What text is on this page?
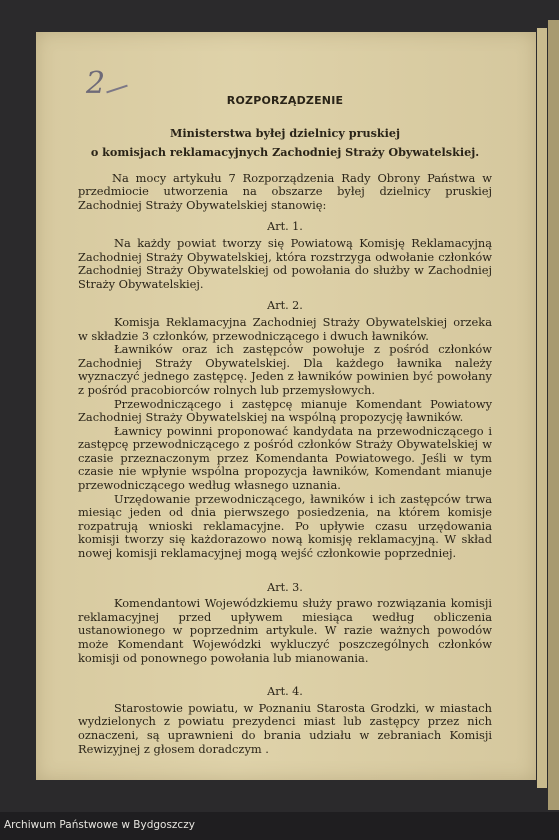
2	ROZPORZĄDZENIE
Ministerstwa byłej dzielnicy pruskiej
o komisjach reklamacyjnych Zachodniej Straży Obywatelskiej.

Na mocy artykułu 7 Rozporządzenia Rady Obrony Państwa w przedmiocie utworzenia na obszarze byłej dzielnicy pruskiej Zachodniej Straży Obywatelskiej stanowię:

Art. 1.

Na każdy powiat tworzy się Powiatową Komisję Reklamacyjną Zachodniej Straży Obywatelskiej, która rozstrzyga odwołanie członków Zachodniej Straży Obywatelskiej od powołania do służby w Zachodniej Straży Obywatelskiej.

Art. 2.

Komisja Reklamacyjna Zachodniej Straży Obywatelskiej orzeka w składzie 3 członków, przewodniczącego i dwuch ławników.

Ławników oraz ich zastępców powołuje z pośród członków Zachodniej Straży Obywatelskiej. Dla każdego ławnika należy wyznaczyć jednego zastępcę. Jeden z ławników powinien być powołany z pośród pracobiorców rolnych lub przemysłowych.

Przewodniczącego i zastępcę mianuje Komendant Powiatowy Zachodniej Straży Obywatelskiej na wspólną propozycję ławników.

Ławnicy powinni proponować kandydata na przewodniczącego i zastępcę przewodniczącego z pośród członków Straży Obywatelskiej w czasie przeznaczonym przez Komendanta Powiatowego. Jeśli w tym czasie nie wpłynie wspólna propozycja ławników, Komendant mianuje przewodniczącego według własnego uznania.

Urzędowanie przewodniczącego, ławników i ich zastępców trwa miesiąc jeden od dnia pierwszego posiedzenia, na którem komisje rozpatrują wnioski reklamacyjne. Po upływie czasu urzędowania komisji tworzy się każdorazowo nową komisję reklamacyjną. W skład nowej komisji reklamacyjnej mogą wejść członkowie poprzedniej.

Art. 3.

Komendantowi Wojewódzkiemu służy prawo rozwiązania komisji reklamacyjnej przed upływem miesiąca według obliczenia ustanowionego w poprzednim artykule. W razie ważnych powodów może Komendant Wojewódzki wykluczyć poszczególnych członków komisji od ponownego powołania lub mianowania.

Art. 4.

Starostowie powiatu, w Poznaniu Starosta Grodzki, w miastach wydzielonych z powiatu prezydenci miast lub zastępcy przez nich oznaczeni, są uprawnieni do brania udziału w zebraniach Komisji Rewizyjnej z głosem doradczym .

Archiwum Państwowe w Bydgoszczy
